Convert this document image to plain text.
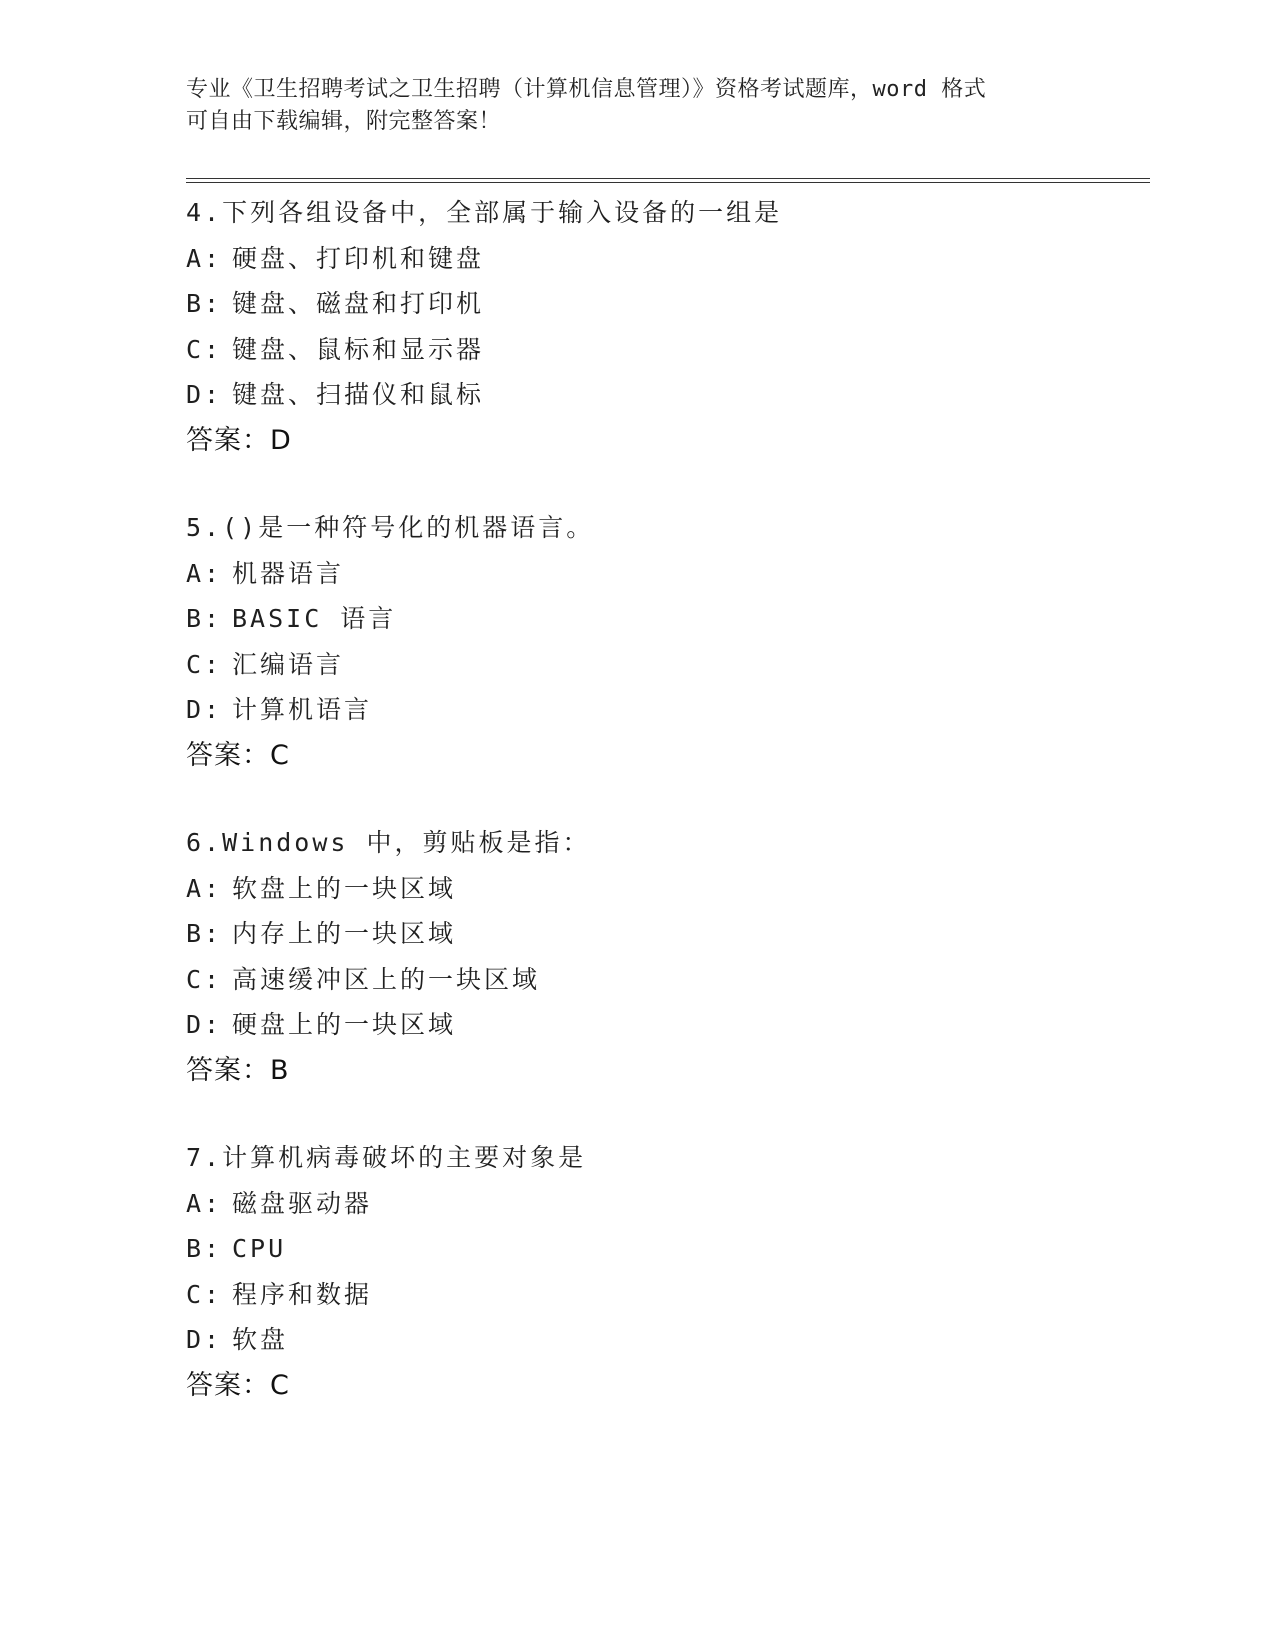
专业《卫生招聘考试之卫生招聘（计算机信息管理）》资格考试题库，word 格式
可自由下载编辑，附完整答案！
4.下列各组设备中，全部属于输入设备的一组是
A: 硬盘、打印机和键盘
B: 键盘、磁盘和打印机
C: 键盘、鼠标和显示器
D: 键盘、扫描仪和鼠标
答案：D
5.()是一种符号化的机器语言。
A: 机器语言
B: BASIC 语言
C: 汇编语言
D: 计算机语言
答案：C
6.Windows 中，剪贴板是指：
A: 软盘上的一块区域
B: 内存上的一块区域
C: 高速缓冲区上的一块区域
D: 硬盘上的一块区域
答案：B
7.计算机病毒破坏的主要对象是
A: 磁盘驱动器
B: CPU
C: 程序和数据
D: 软盘
答案：C
